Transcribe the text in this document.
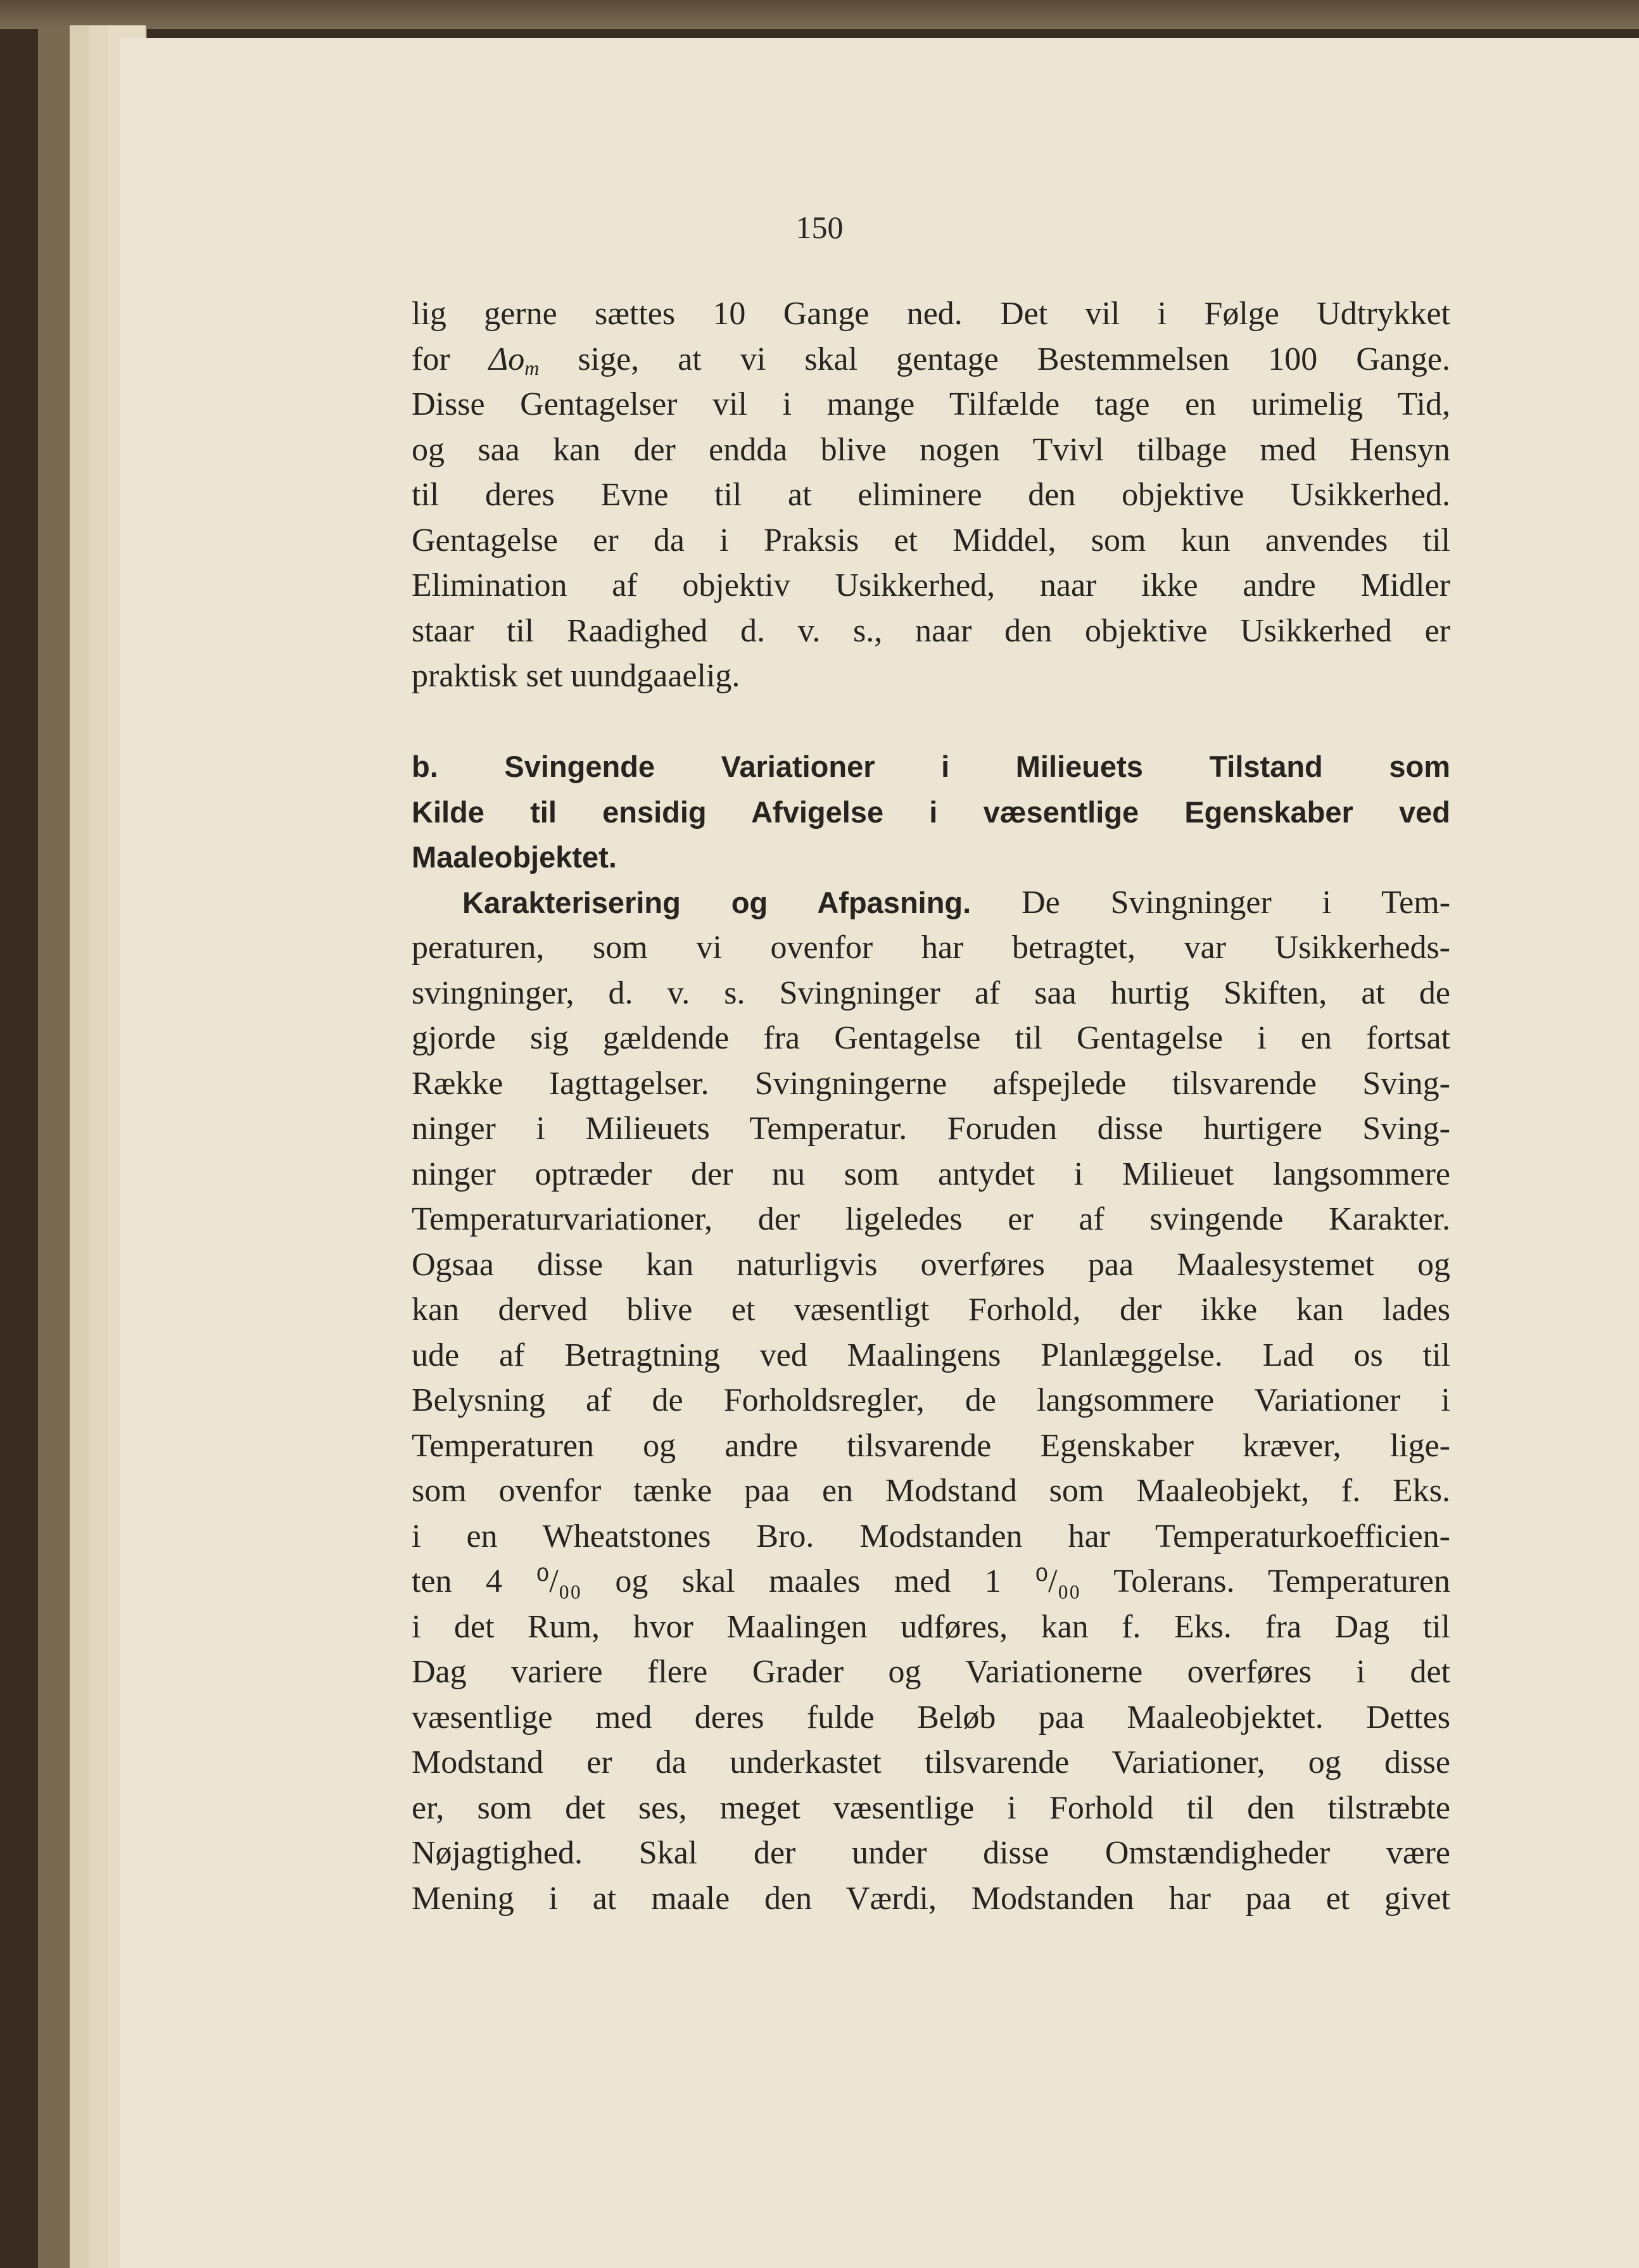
150
lig gerne sættes 10 Gange ned. Det vil i Følge Udtrykket
for $\Delta o_m$ sige, at vi skal gentage Bestemmelsen 100 Gange.
Disse Gentagelser vil i mange Tilfælde tage en urimelig Tid,
og saa kan der endda blive nogen Tvivl tilbage med Hensyn
til deres Evne til at eliminere den objektive Usikkerhed.
Gentagelse er da i Praksis et Middel, som kun anvendes til
Elimination af objektiv Usikkerhed, naar ikke andre Midler
staar til Raadighed d. v. s., naar den objektive Usikkerhed er
praktisk set uundgaaelig.
b. Svingende Variationer i Milieuets Tilstand som
Kilde til ensidig Afvigelse i væsentlige Egenskaber ved
Maaleobjektet.
Karakterisering og Afpasning. De Svingninger i Tem-
peraturen, som vi ovenfor har betragtet, var Usikkerheds-
svingninger, d. v. s. Svingninger af saa hurtig Skiften, at de
gjorde sig gældende fra Gentagelse til Gentagelse i en fortsat
Række Iagttagelser. Svingningerne afspejlede tilsvarende Sving-
ninger i Milieuets Temperatur. Foruden disse hurtigere Sving-
ninger optræder der nu som antydet i Milieuet langsommere
Temperaturvariationer, der ligeledes er af svingende Karakter.
Ogsaa disse kan naturligvis overføres paa Maalesystemet og
kan derved blive et væsentligt Forhold, der ikke kan lades
ude af Betragtning ved Maalingens Planlæggelse. Lad os til
Belysning af de Forholdsregler, de langsommere Variationer i
Temperaturen og andre tilsvarende Egenskaber kræver, lige-
som ovenfor tænke paa en Modstand som Maaleobjekt, f. Eks.
i en Wheatstones Bro. Modstanden har Temperaturkoefficien-
ten 4 ⁰/₀₀ og skal maales med 1 ⁰/₀₀ Tolerans. Temperaturen
i det Rum, hvor Maalingen udføres, kan f. Eks. fra Dag til
Dag variere flere Grader og Variationerne overføres i det
væsentlige med deres fulde Beløb paa Maaleobjektet. Dettes
Modstand er da underkastet tilsvarende Variationer, og disse
er, som det ses, meget væsentlige i Forhold til den tilstræbte
Nøjagtighed. Skal der under disse Omstændigheder være
Mening i at maale den Værdi, Modstanden har paa et givet
